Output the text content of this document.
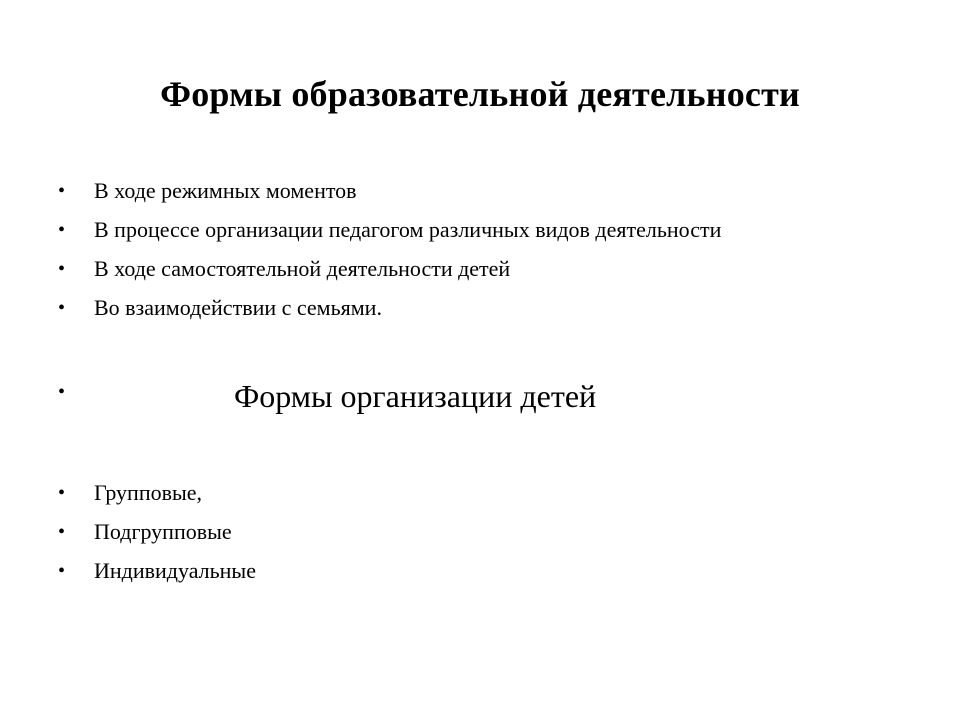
Формы образовательной деятельности
•	В ходе режимных моментов
•	В процессе организации педагогом различных видов деятельности
•	В ходе самостоятельной деятельности детей
•	Во взаимодействии с семьями.
•	Формы организации детей
•	Групповые,
•	Подгрупповые
•	Индивидуальные
